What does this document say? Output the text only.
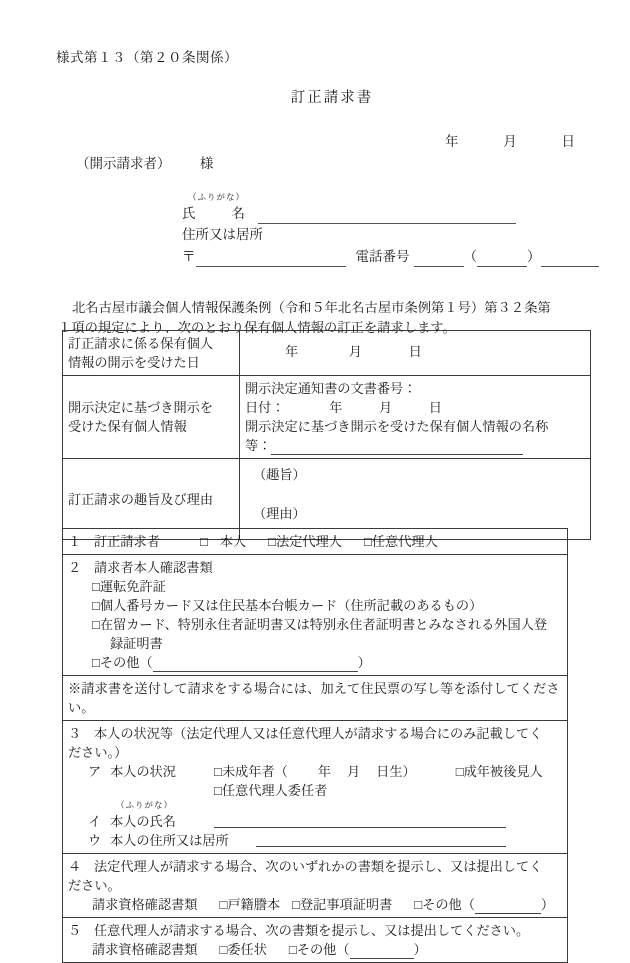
様式第１３（第２０条関係）
訂正請求書
年	月	日
（開示請求者） 様
（ふりがな）
氏	名
住所又は居所
〒	電話番号	（	）
北名古屋市議会個人情報保護条例（令和５年北名古屋市条例第１号）第３２条第
１項の規定により、次のとおり保有個人情報の訂正を請求します。
訂正請求に係る保有個人
情報の開示を受けた日	年 月 日

開示決定に基づき開示を
受けた保有個人情報

開示決定通知書の文書番号：
日付：	年	月	日
開示決定に基づき開示を受けた保有個人情報の名称
等：

訂正請求の趣旨及び理由	（趣旨）
（理由）
１ 訂正請求者	□ 本人 □法定代理人 □任意代理人

２ 請求者本人確認書類
□運転免許証
□個人番号カード又は住民基本台帳カード（住所記載のあるもの）
□在留カード、特別永住者証明書又は特別永住者証明書とみなされる外国人登
録証明書
□その他（	）

※請求書を送付して請求をする場合には、加えて住民票の写し等を添付してください。

３ 本人の状況等（法定代理人又は任意代理人が請求する場合にのみ記載してく
ださい。）
ア 本人の状況	□未成年者（ 年 月 日生）	□成年被後見人
□任意代理人委任者
（ふりがな）
イ 本人の氏名
ウ 本人の住所又は居所

４ 法定代理人が請求する場合、次のいずれかの書類を提示し、又は提出してく
ださい。
請求資格確認書類 □戸籍謄本 □登記事項証明書 □その他（	）

５ 任意代理人が請求する場合、次の書類を提示し、又は提出してください。
請求資格確認書類 □委任状 □その他（	）
